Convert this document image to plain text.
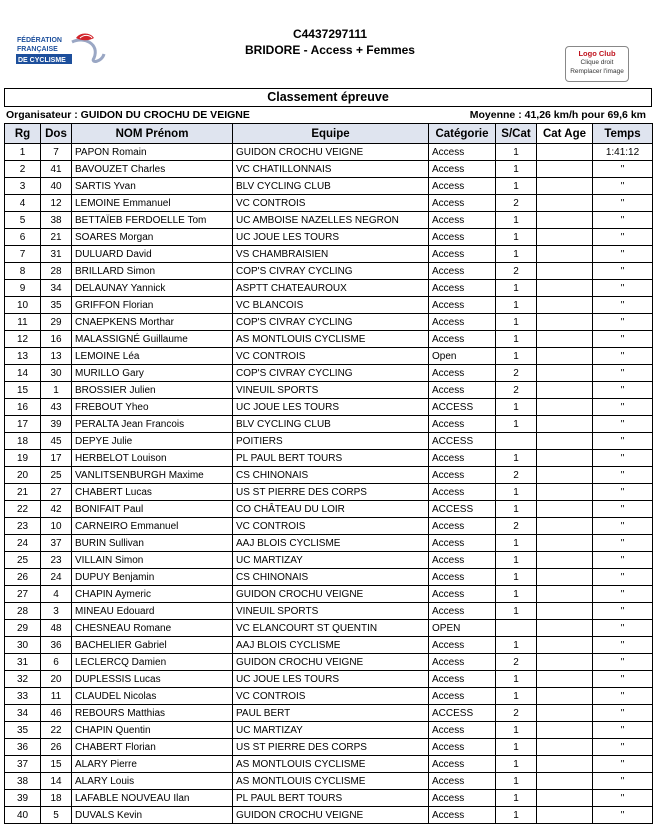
FÉDÉRATION
FRANÇAISE
DE CYCLISME
C4437297111
BRIDORE - Access + Femmes	Logo Club
Clique droit
Remplacer l'image
Classement épreuve
Organisateur : GUIDON DU CROCHU DE VEIGNE	Moyenne : 41,26 km/h pour 69,6 km
Rg	Dos	NOM Prénom	Equipe	Catégorie	S/Cat	Cat Age	Temps
1	7	PAPON Romain	GUIDON CROCHU VEIGNE	Access	1		1:41:12
2	41	BAVOUZET Charles	VC CHATILLONNAIS	Access	1		"
3	40	SARTIS Yvan	BLV CYCLING CLUB	Access	1		"
4	12	LEMOINE Emmanuel	VC CONTROIS	Access	2		"
5	38	BETTAÏEB FERDOELLE Tom	UC AMBOISE NAZELLES NEGRON	Access	1		"
6	21	SOARES Morgan	UC JOUE LES TOURS	Access	1		"
7	31	DULUARD David	VS CHAMBRAISIEN	Access	1		"
8	28	BRILLARD Simon	COP'S CIVRAY CYCLING	Access	2		"
9	34	DELAUNAY Yannick	ASPTT CHATEAUROUX	Access	1		"
10	35	GRIFFON Florian	VC BLANCOIS	Access	1		"
11	29	CNAEPKENS Morthar	COP'S CIVRAY CYCLING	Access	1		"
12	16	MALASSIGNÉ Guillaume	AS MONTLOUIS CYCLISME	Access	1		"
13	13	LEMOINE Léa	VC CONTROIS	Open	1		"
14	30	MURILLO Gary	COP'S CIVRAY CYCLING	Access	2		"
15	1	BROSSIER Julien	VINEUIL SPORTS	Access	2		"
16	43	FREBOUT Yheo	UC JOUE LES TOURS	ACCESS	1		"
17	39	PERALTA Jean Francois	BLV CYCLING CLUB	Access	1		"
18	45	DEPYE Julie	POITIERS	ACCESS			"
19	17	HERBELOT Louison	PL PAUL BERT TOURS	Access	1		"
20	25	VANLITSENBURGH Maxime	CS CHINONAIS	Access	2		"
21	27	CHABERT Lucas	US ST PIERRE DES CORPS	Access	1		"
22	42	BONIFAIT Paul	CO CHÂTEAU DU LOIR	ACCESS	1		"
23	10	CARNEIRO Emmanuel	VC CONTROIS	Access	2		"
24	37	BURIN Sullivan	AAJ BLOIS CYCLISME	Access	1		"
25	23	VILLAIN Simon	UC MARTIZAY	Access	1		"
26	24	DUPUY Benjamin	CS CHINONAIS	Access	1		"
27	4	CHAPIN Aymeric	GUIDON CROCHU VEIGNE	Access	1		"
28	3	MINEAU Edouard	VINEUIL SPORTS	Access	1		"
29	48	CHESNEAU Romane	VC ELANCOURT ST QUENTIN	OPEN			"
30	36	BACHELIER Gabriel	AAJ BLOIS CYCLISME	Access	1		"
31	6	LECLERCQ Damien	GUIDON CROCHU VEIGNE	Access	2		"
32	20	DUPLESSIS Lucas	UC JOUE LES TOURS	Access	1		"
33	11	CLAUDEL Nicolas	VC CONTROIS	Access	1		"
34	46	REBOURS Matthias	PAUL BERT	ACCESS	2		"
35	22	CHAPIN Quentin	UC MARTIZAY	Access	1		"
36	26	CHABERT Florian	US ST PIERRE DES CORPS	Access	1		"
37	15	ALARY Pierre	AS MONTLOUIS CYCLISME	Access	1		"
38	14	ALARY Louis	AS MONTLOUIS CYCLISME	Access	1		"
39	18	LAFABLE NOUVEAU Ilan	PL PAUL BERT TOURS	Access	1		"
40	5	DUVALS Kevin	GUIDON CROCHU VEIGNE	Access	1		"
